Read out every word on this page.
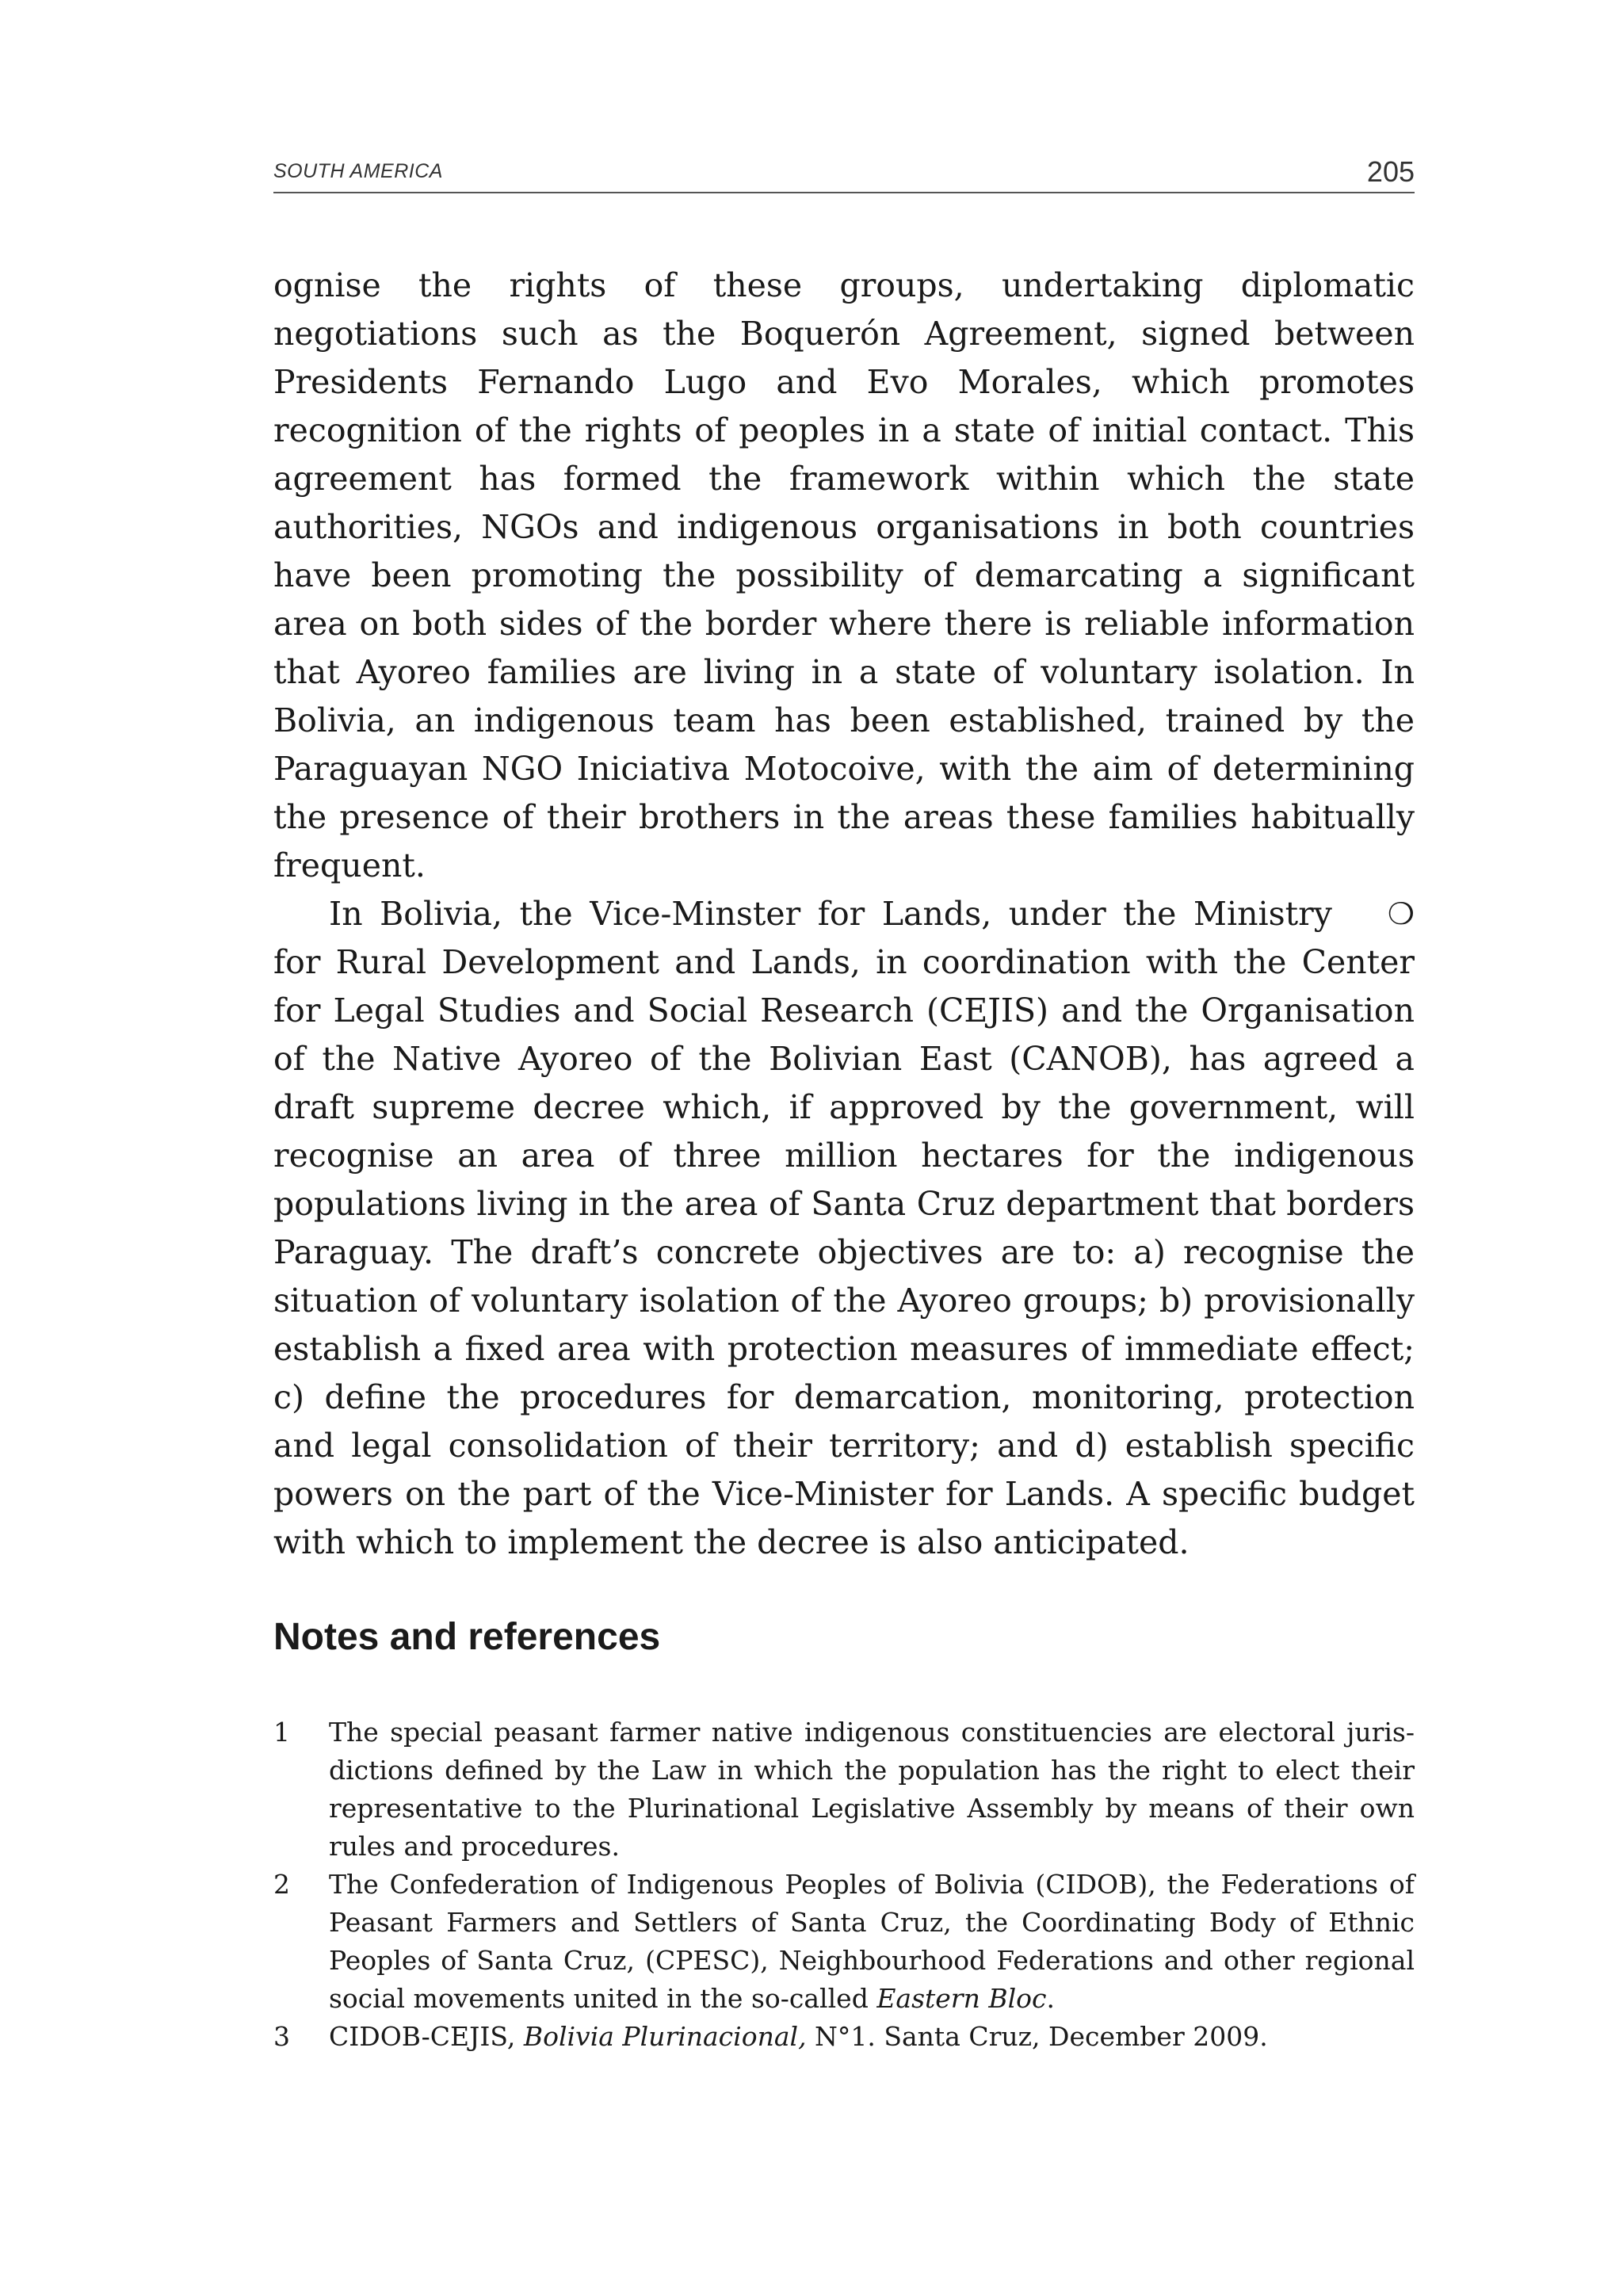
SOUTH AMERICA	205

ognise the rights of these groups, undertaking diplomatic negotiations such as the Boquerón Agreement, signed between Presidents Fernando Lugo and Evo Morales, which promotes recognition of the rights of peoples in a state of initial contact. This agreement has formed the framework within which the state authorities, NGOs and indigenous organisations in both countries have been promoting the possibility of demarcating a significant area on both sides of the border where there is reliable information that Ayoreo families are living in a state of voluntary isolation. In Bolivia, an indigenous team has been established, trained by the Paraguayan NGO Iniciativa Motocoive, with the aim of determining the presence of their brothers in the areas these families habitually frequent.

❍
In Bolivia, the Vice-Minster for Lands, under the Ministry for Rural Development and Lands, in coordination with the Center for Legal Studies and Social Research (CEJIS) and the Organisation of the Native Ayoreo of the Bolivian East (CANOB), has agreed a draft supreme decree which, if approved by the government, will recognise an area of three million hectares for the indigenous populations living in the area of Santa Cruz department that borders Paraguay. The draft’s concrete objectives are to: a) recognise the situation of voluntary isolation of the Ayoreo groups; b) provisionally establish a fixed area with protection measures of immediate effect; c) define the procedures for demarcation, monitoring, protection and legal consolidation of their territory; and d) establish specific powers on the part of the Vice-Minister for Lands. A specific budget with which to implement the decree is also anticipated.

Notes and references
1 The special peasant farmer native indigenous constituencies are electoral jurisdictions defined by the Law in which the population has the right to elect their representative to the Plurinational Legislative Assembly by means of their own rules and procedures.
2 The Confederation of Indigenous Peoples of Bolivia (CIDOB), the Federations of Peasant Farmers and Settlers of Santa Cruz, the Coordinating Body of Ethnic Peoples of Santa Cruz, (CPESC), Neighbourhood Federations and other regional social movements united in the so-called Eastern Bloc.
3 CIDOB-CEJIS, Bolivia Plurinacional, N°1. Santa Cruz, December 2009.
